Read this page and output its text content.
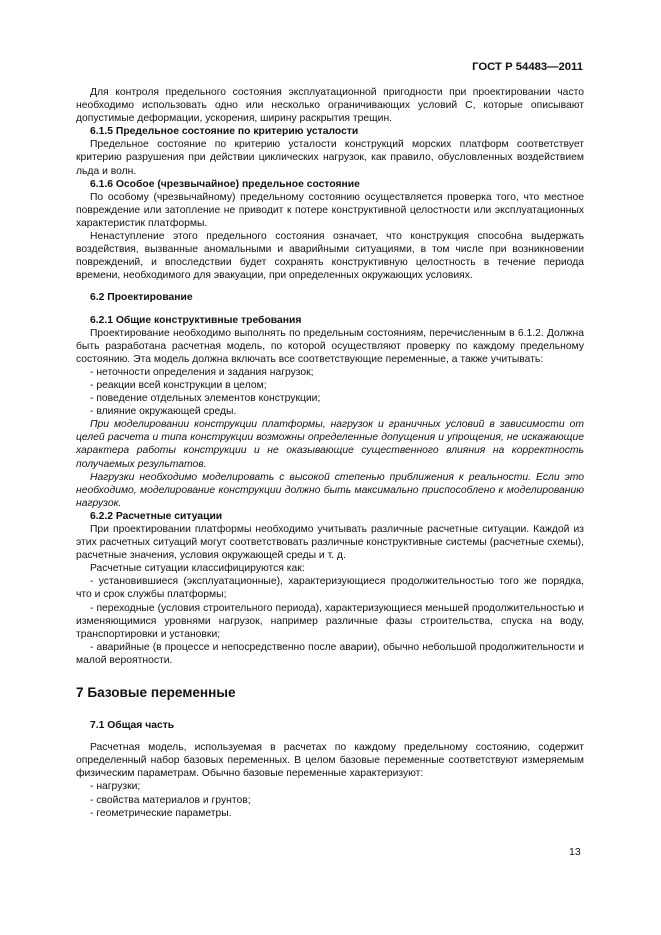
ГОСТ Р 54483—2011

Для контроля предельного состояния эксплуатационной пригодности при проектировании часто необходимо использовать одно или несколько ограничивающих условий С, которые описывают допустимые деформации, ускорения, ширину раскрытия трещин.

6.1.5 Предельное состояние по критерию усталости

Предельное состояние по критерию усталости конструкций морских платформ соответствует критерию разрушения при действии циклических нагрузок, как правило, обусловленных воздействием льда и волн.

6.1.6 Особое (чрезвычайное) предельное состояние

По особому (чрезвычайному) предельному состоянию осуществляется проверка того, что местное повреждение или затопление не приводит к потере конструктивной целостности или эксплуатационных характеристик платформы.

Ненаступление этого предельного состояния означает, что конструкция способна выдержать воздействия, вызванные аномальными и аварийными ситуациями, в том числе при возникновении повреждений, и впоследствии будет сохранять конструктивную целостность в течение периода времени, необходимого для эвакуации, при определенных окружающих условиях.

6.2 Проектирование

6.2.1 Общие конструктивные требования

Проектирование необходимо выполнять по предельным состояниям, перечисленным в 6.1.2. Должна быть разработана расчетная модель, по которой осуществляют проверку по каждому предельному состоянию. Эта модель должна включать все соответствующие переменные, а также учитывать:

- неточности определения и задания нагрузок;

- реакции всей конструкции в целом;

- поведение отдельных элементов конструкции;

- влияние окружающей среды.

При моделировании конструкции платформы, нагрузок и граничных условий в зависимости от целей расчета и типа конструкции возможны определенные допущения и упрощения, не искажающие характера работы конструкции и не оказывающие существенного влияния на корректность получаемых результатов.

Нагрузки необходимо моделировать с высокой степенью приближения к реальности. Если это необходимо, моделирование конструкции должно быть максимально приспособлено к моделированию нагрузок.

6.2.2 Расчетные ситуации

При проектировании платформы необходимо учитывать различные расчетные ситуации. Каждой из этих расчетных ситуаций могут соответствовать различные конструктивные системы (расчетные схемы), расчетные значения, условия окружающей среды и т. д.

Расчетные ситуации классифицируются как:

- установившиеся (эксплуатационные), характеризующиеся продолжительностью того же порядка, что и срок службы платформы;

- переходные (условия строительного периода), характеризующиеся меньшей продолжительностью и изменяющимися уровнями нагрузок, например различные фазы строительства, спуска на воду, транспортировки и установки;

- аварийные (в процессе и непосредственно после аварии), обычно небольшой продолжительности и малой вероятности.

7 Базовые переменные

7.1 Общая часть

Расчетная модель, используемая в расчетах по каждому предельному состоянию, содержит определенный набор базовых переменных. В целом базовые переменные соответствуют измеряемым физическим параметрам. Обычно базовые переменные характеризуют:

- нагрузки;

- свойства материалов и грунтов;

- геометрические параметры.

13
